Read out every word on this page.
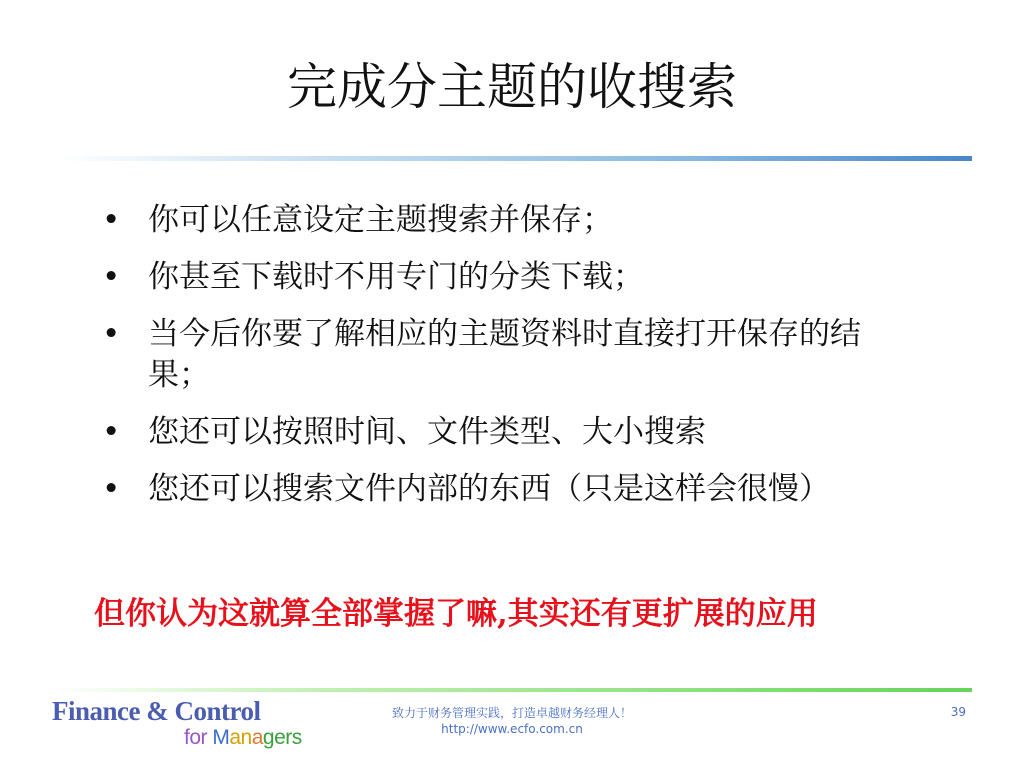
完成分主题的收搜索
• 你可以任意设定主题搜索并保存；
• 你甚至下载时不用专门的分类下载；
• 当今后你要了解相应的主题资料时直接打开保存的结果；
• 您还可以按照时间、文件类型、大小搜索
• 您还可以搜索文件内部的东西（只是这样会很慢）
但你认为这就算全部掌握了嘛,其实还有更扩展的应用
Finance & Control
for Managers
致力于财务管理实践，打造卓越财务经理人！
http://www.ecfo.com.cn
39
